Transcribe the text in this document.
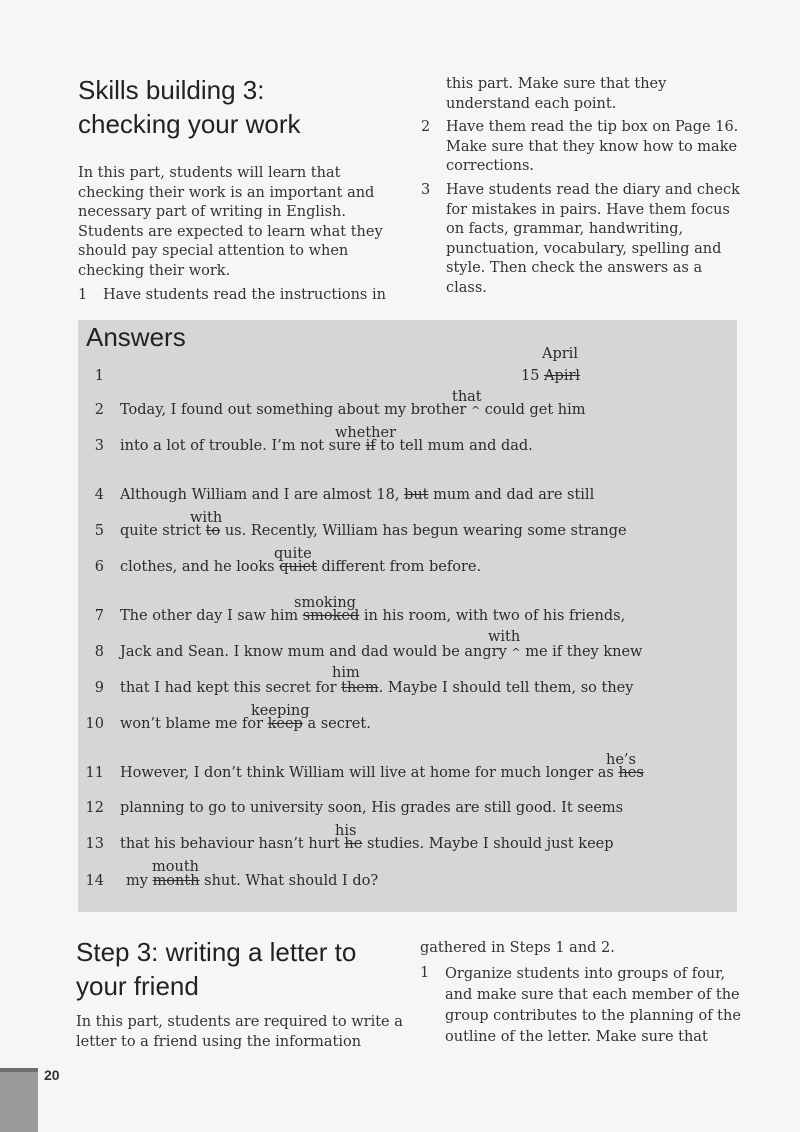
Skills building 3:
checking your work
In this part, students will learn that
checking their work is an important and
necessary part of writing in English.
Students are expected to learn what they
should pay special attention to when
checking their work.
1 Have students read the instructions in
this part. Make sure that they
understand each point.
2 Have them read the tip box on Page 16.
Make sure that they know how to make
corrections.
3 Have students read the diary and check
for mistakes in pairs. Have them focus
on facts, grammar, handwriting,
punctuation, vocabulary, spelling and
style. Then check the answers as a class.
Answers
1
2
3
4
5
6
7
8
9
10
11
12
13
14
April
15 Apirl
that
Today, I found out something about my brother ^ could get him
whether
into a lot of trouble. I’m not sure if to tell mum and dad.
Although William and I are almost 18, but mum and dad are still
with
quite strict to us. Recently, William has begun wearing some strange
quite
clothes, and he looks quiet different from before.
smoking
The other day I saw him smoked in his room, with two of his friends,
with
Jack and Sean. I know mum and dad would be angry ^ me if they knew
him
that I had kept this secret for them. Maybe I should tell them, so they
keeping
won’t blame me for keep a secret.
he’s
However, I don’t think William will live at home for much longer as hes
planning to go to university soon, His grades are still good. It seems
his
that his behaviour hasn’t hurt he studies. Maybe I should just keep
mouth
my month shut. What should I do?
Step 3: writing a letter to
your friend
In this part, students are required to write a
letter to a friend using the information
gathered in Steps 1 and 2.
1 Organize students into groups of four,
and make sure that each member of the
group contributes to the planning of the
outline of the letter. Make sure that
20
